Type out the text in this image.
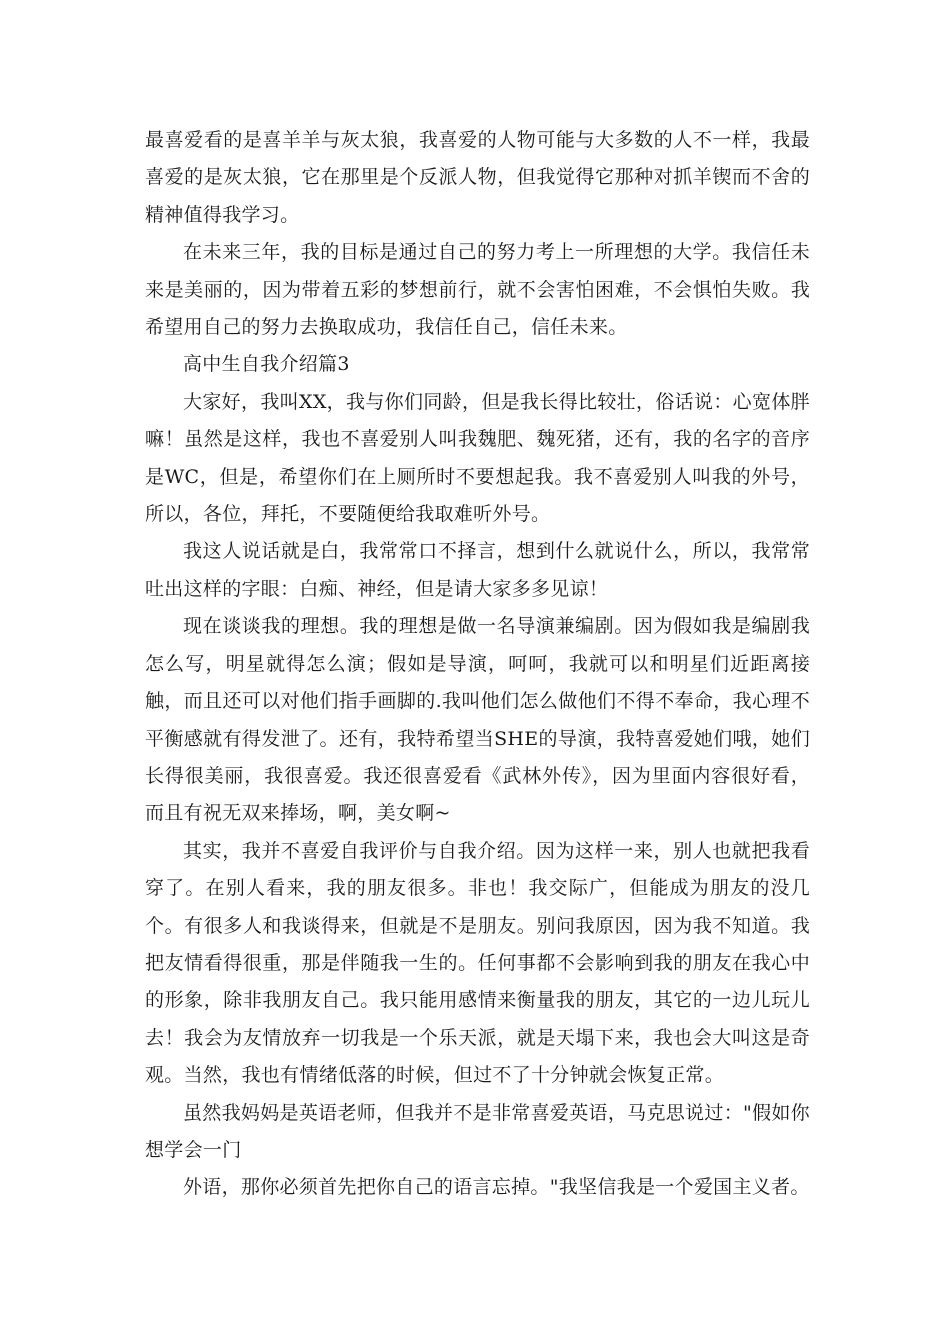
最喜爱看的是喜羊羊与灰太狼，我喜爱的人物可能与大多数的人不一样，我最喜爱的是灰太狼，它在那里是个反派人物，但我觉得它那种对抓羊锲而不舍的精神值得我学习。

在未来三年，我的目标是通过自己的努力考上一所理想的大学。我信任未来是美丽的，因为带着五彩的梦想前行，就不会害怕困难，不会惧怕失败。我希望用自己的努力去换取成功，我信任自己，信任未来。

高中生自我介绍篇3

大家好，我叫XX，我与你们同龄，但是我长得比较壮，俗话说：心宽体胖嘛！虽然是这样，我也不喜爱别人叫我魏肥、魏死猪，还有，我的名字的音序是WC，但是，希望你们在上厕所时不要想起我。我不喜爱别人叫我的外号，所以，各位，拜托，不要随便给我取难听外号。

我这人说话就是白，我常常口不择言，想到什么就说什么，所以，我常常吐出这样的字眼：白痴、神经，但是请大家多多见谅！

现在谈谈我的理想。我的理想是做一名导演兼编剧。因为假如我是编剧我怎么写，明星就得怎么演；假如是导演，呵呵，我就可以和明星们近距离接触，而且还可以对他们指手画脚的.我叫他们怎么做他们不得不奉命，我心理不平衡感就有得发泄了。还有，我特希望当SHE的导演，我特喜爱她们哦，她们长得很美丽，我很喜爱。我还很喜爱看《武林外传》，因为里面内容很好看，而且有祝无双来捧场，啊，美女啊~

其实，我并不喜爱自我评价与自我介绍。因为这样一来，别人也就把我看穿了。在别人看来，我的朋友很多。非也！我交际广，但能成为朋友的没几个。有很多人和我谈得来，但就是不是朋友。别问我原因，因为我不知道。我把友情看得很重，那是伴随我一生的。任何事都不会影响到我的朋友在我心中的形象，除非我朋友自己。我只能用感情来衡量我的朋友，其它的一边儿玩儿去！我会为友情放弃一切我是一个乐天派，就是天塌下来，我也会大叫这是奇观。当然，我也有情绪低落的时候，但过不了十分钟就会恢复正常。

虽然我妈妈是英语老师，但我并不是非常喜爱英语，马克思说过："假如你想学会一门

外语，那你必须首先把你自己的语言忘掉。"我坚信我是一个爱国主义者。
